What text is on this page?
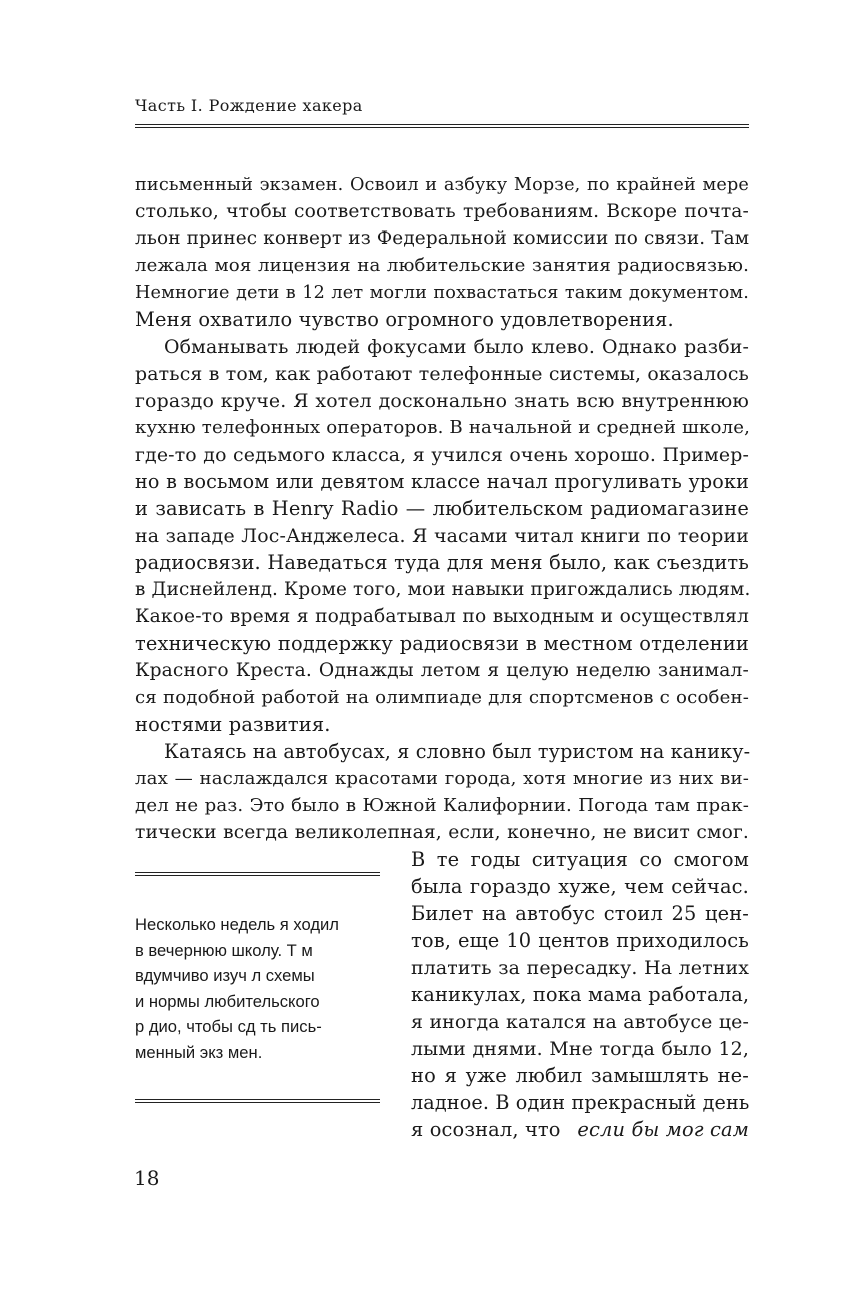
Часть I. Рождение хакера
письменный экзамен. Освоил и азбуку Морзе, по крайней мере
столько, чтобы соответствовать требованиям. Вскоре почта-
льон принес конверт из Федеральной комиссии по связи. Там
лежала моя лицензия на любительские занятия радиосвязью.
Немногие дети в 12 лет могли похвастаться таким документом.
Меня охватило чувство огромного удовлетворения.
Обманывать людей фокусами было клево. Однако разби-
раться в том, как работают телефонные системы, оказалось
гораздо круче. Я хотел досконально знать всю внутреннюю
кухню телефонных операторов. В начальной и средней школе,
где-то до седьмого класса, я учился очень хорошо. Пример-
но в восьмом или девятом классе начал прогуливать уроки
и зависать в Henry Radio — любительском радиомагазине
на западе Лос-Анджелеса. Я часами читал книги по теории
радиосвязи. Наведаться туда для меня было, как съездить
в Диснейленд. Кроме того, мои навыки пригождались людям.
Какое-то время я подрабатывал по выходным и осуществлял
техническую поддержку радиосвязи в местном отделении
Красного Креста. Однажды летом я целую неделю занимал-
ся подобной работой на олимпиаде для спортсменов с особен-
ностями развития.
Катаясь на автобусах, я словно был туристом на канику-
лах — наслаждался красотами города, хотя многие из них ви-
дел не раз. Это было в Южной Калифорнии. Погода там прак-
тически всегда великолепная, если, конечно, не висит смог.
Несколько недель я ходил
в вечернюю школу. Т м
вдумчиво изуч л схемы
и нормы любительского
р дио, чтобы сд ть пись-
менный экз мен.
В те годы ситуация со смогом
была гораздо хуже, чем сейчас.
Билет на автобус стоил 25 цен-
тов, еще 10 центов приходилось
платить за пересадку. На летних
каникулах, пока мама работала,
я иногда катался на автобусе це-
лыми днями. Мне тогда было 12,
но я уже любил замышлять не-
ладное. В один прекрасный день
я осознал, что если бы мог сам
18
